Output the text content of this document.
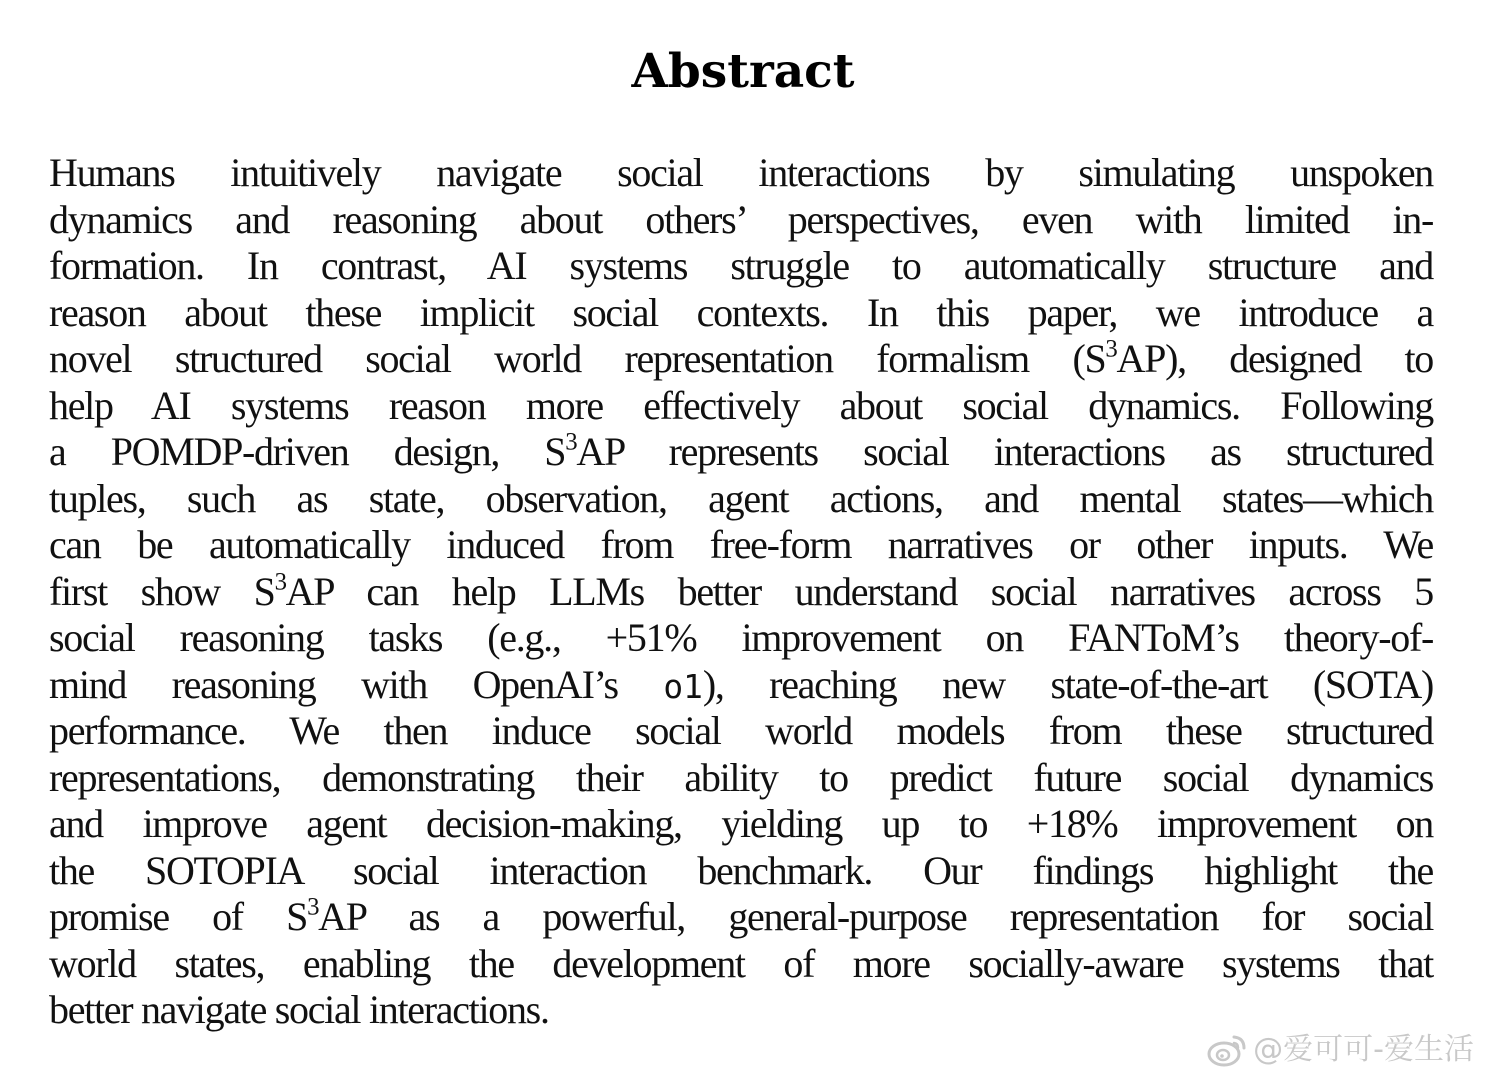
Abstract
Humans intuitively navigate social interactions by simulating unspoken
dynamics and reasoning about others’ perspectives, even with limited in-
formation. In contrast, AI systems struggle to automatically structure and
reason about these implicit social contexts. In this paper, we introduce a
novel structured social world representation formalism $(S^3AP)$, designed to
help AI systems reason more effectively about social dynamics. Following
a POMDP-driven design, $S^3AP$ represents social interactions as structured
tuples, such as state, observation, agent actions, and mental states—which
can be automatically induced from free-form narratives or other inputs. We
first show $S^3AP$ can help LLMs better understand social narratives across 5
social reasoning tasks (e.g., +51% improvement on FANToM’s theory-of-
mind reasoning with OpenAI’s o1), reaching new state-of-the-art (SOTA)
performance. We then induce social world models from these structured
representations, demonstrating their ability to predict future social dynamics
and improve agent decision-making, yielding up to +18% improvement on
the SOTOPIA social interaction benchmark. Our findings highlight the
promise of $S^3AP$ as a powerful, general-purpose representation for social
world states, enabling the development of more socially-aware systems that
better navigate social interactions.
@爱可可-爱生活
